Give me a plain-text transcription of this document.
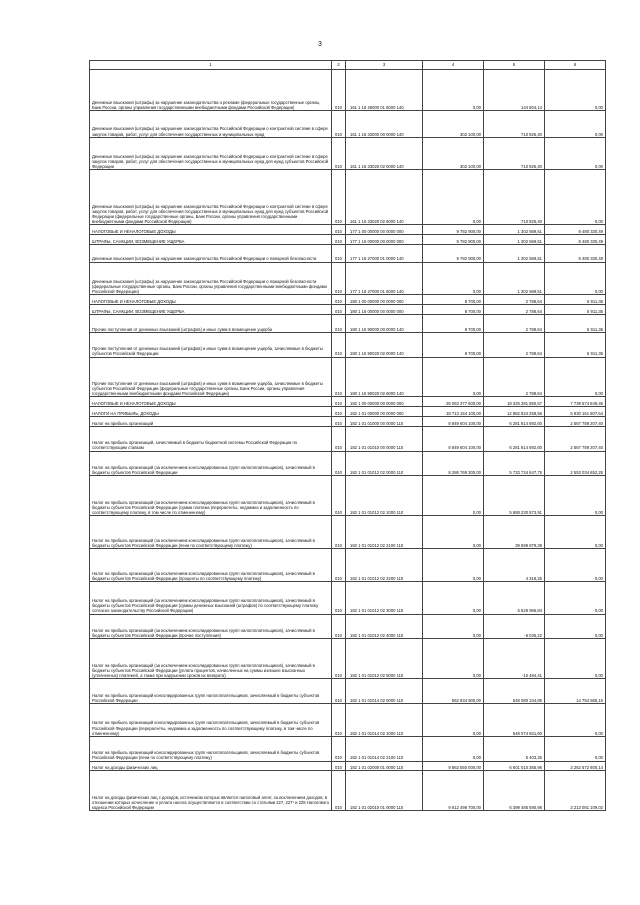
3
1	2	3	4	5	6
Денежные взыскания (штрафы) за нарушение законодательства о рекламе (федеральные государственные органы, Банк России, органы управления государственными внебюджетными фондами Российской Федерации)	010	161 1 16 26000 01 6000 140	0,00	144 604,14	0,00
Денежные взыскания (штрафы) за нарушение законодательства Российской Федерации о контрактной системе в сфере закупок товаров, работ, услуг для обеспечения государственных и муниципальных нужд	010	161 1 16 33000 00 0000 140	302 100,00	710 925,40	0,00
Денежные взыскания (штрафы) за нарушение законодательства Российской Федерации о контрактной системе в сфере закупок товаров, работ, услуг для обеспечения государственных и муниципальных нужд для нужд субъектов Российской Федерации	010	161 1 16 33020 02 0000 140	302 100,00	710 925,40	0,00
Денежные взыскания (штрафы) за нарушение законодательства Российской Федерации о контрактной системе в сфере закупок товаров, работ, услуг для обеспечения государственных и муниципальных нужд для нужд субъектов Российской Федерации (федеральные государственные органы, Банк России, органы управления государственными внебюджетными фондами Российской Федерации)	010	161 1 16 33020 02 6000 140	0,00	710 925,40	0,00
НАЛОГОВЫЕ И НЕНАЛОГОВЫЕ ДОХОДЫ	010	177 1 00 00000 00 0000 000	9 782 900,00	1 302 569,51	8 480 330,49
ШТРАФЫ, САНКЦИИ, ВОЗМЕЩЕНИЕ УЩЕРБА	010	177 1 16 00000 00 0000 000	9 782 900,00	1 302 569,51	8 480 330,49
Денежные взыскания (штрафы) за нарушение законодательства Российской Федерации о пожарной безопасности	010	177 1 16 27000 01 0000 140	9 782 900,00	1 302 569,51	8 480 330,49
Денежные взыскания (штрафы) за нарушение законодательства Российской Федерации о пожарной безопасности (федеральные государственные органы, Банк России, органы управления государственными внебюджетными фондами Российской Федерации)	010	177 1 16 27000 01 6000 140	0,00	1 302 569,51	0,00
НАЛОГОВЫЕ И НЕНАЛОГОВЫЕ ДОХОДЫ	010	180 1 00 00000 00 0000 000	8 700,00	2 788,64	5 911,36
ШТРАФЫ, САНКЦИИ, ВОЗМЕЩЕНИЕ УЩЕРБА	010	180 1 16 00000 00 0000 000	8 700,00	2 788,64	5 911,36
Прочие поступления от денежных взысканий (штрафов) и иных сумм в возмещение ущерба	010	180 1 16 90000 00 0000 140	8 700,00	2 788,64	5 911,36
Прочие поступления от денежных взысканий (штрафов) и иных сумм в возмещение ущерба, зачисляемые в бюджеты субъектов Российской Федерации	010	180 1 16 90020 02 0000 140	8 700,00	2 788,64	5 911,36
Прочие поступления от денежных взысканий (штрафов) и иных сумм в возмещение ущерба, зачисляемые в бюджеты субъектов Российской Федерации (федеральные государственные органы, Банк России, органы управления государственными внебюджетными фондами Российской Федерации)	010	180 1 16 90020 02 6000 140	0,00	2 788,64	0,00
НАЛОГОВЫЕ И НЕНАЛОГОВЫЕ ДОХОДЫ	010	182 1 00 00000 00 0000 000	26 063 377 600,00	18 325 281 850,57	7 739 574 849,46
НАЛОГИ НА ПРИБЫЛЬ, ДОХОДЫ	010	182 1 01 00000 00 0000 000	18 713 154 100,00	12 882 824 258,56	5 830 161 807,64
Налог на прибыль организаций	010	182 1 01 01000 00 0000 110	8 849 604 100,00	6 281 814 892,60	2 567 789 207,40
Налог на прибыль организаций, зачисляемый в бюджеты бюджетной системы Российской Федерации по соответствующим ставкам	010	182 1 01 01010 00 0000 110	8 849 604 100,00	6 281 814 892,60	2 567 789 207,40
Налог на прибыль организаций (за исключением консолидированных групп налогоплательщиков), зачисляемый в бюджеты субъектов Российской Федерации	010	182 1 01 01012 02 0000 110	8 286 769 300,00	5 733 734 647,75	2 553 034 652,25
Налог на прибыль организаций (за исключением консолидированных групп налогоплательщиков), зачисляемый в бюджеты субъектов Российской Федерации (сумма платежа (перерасчеты, недоимка и задолженность по соответствующему платежу, в том числе по отмененному)	010	182 1 01 01012 02 1000 110	0,00	5 688 230 873,91	0,00
Налог на прибыль организаций (за исключением консолидированных групп налогоплательщиков), зачисляемый в бюджеты субъектов Российской Федерации (пени по соответствующему платежу)	010	182 1 01 01012 02 2100 110	0,00	39 599 679,38	0,00
Налог на прибыль организаций (за исключением консолидированных групп налогоплательщиков), зачисляемый в бюджеты субъектов Российской Федерации (проценты по соответствующему платежу)	010	182 1 01 01012 02 2200 110	0,00	4 318,25	0,00
Налог на прибыль организаций (за исключением консолидированных групп налогоплательщиков), зачисляемый в бюджеты субъектов Российской Федерации (суммы денежных взысканий (штрафов) по соответствующему платежу согласно законодательству Российской Федерации)	010	182 1 01 01012 02 3000 110	0,00	5 628 966,84	0,00
Налог на прибыль организаций (за исключением консолидированных групп налогоплательщиков), зачисляемый в бюджеты субъектов Российской Федерации (прочие поступления)	010	182 1 01 01012 02 4000 110	0,00	-6 035,22	0,00
Налог на прибыль организаций (за исключением консолидированных групп налогоплательщиков), зачисляемый в бюджеты субъектов Российской Федерации (уплата процентов, начисленных на суммы излишне взысканных (уплаченных) платежей, а также при нарушении сроков их возврата)	010	182 1 01 01012 02 5000 110	0,00	-10 484,41	0,00
Налог на прибыль организаций консолидированных групп налогоплательщиков, зачисляемый в бюджеты субъектов Российской Федерации	010	182 1 01 01014 02 0000 110	562 834 800,00	548 080 244,85	14 754 555,15
Налог на прибыль организаций консолидированных групп налогоплательщиков, зачисляемый в бюджеты субъектов Российской Федерации (перерасчеты, недоимка и задолженность по соответствующему платежу, в том числе по отмененному)	010	182 1 01 01014 02 1000 110	0,00	548 074 841,60	0,00
Налог на прибыль организаций консолидированных групп налогоплательщиков, зачисляемый в бюджеты субъектов Российской Федерации (пени по соответствующему платежу)	010	182 1 01 01014 02 2100 110	0,00	5 403,25	0,00
Налог на доходы физических лиц	010	182 1 01 02000 01 0000 110	9 863 550 000,00	6 601 010 365,96	3 262 572 600,14
Налог на доходы физических лиц с доходов, источником которых является налоговый агент, за исключением доходов, в отношении которых исчисление и уплата налога осуществляются в соответствии со статьями 227, 227¹ и 228 Налогового кодекса Российской Федерации	010	182 1 01 02010 01 0000 110	9 612 496 700,00	6 399 485 590,98	3 213 081 109,02
